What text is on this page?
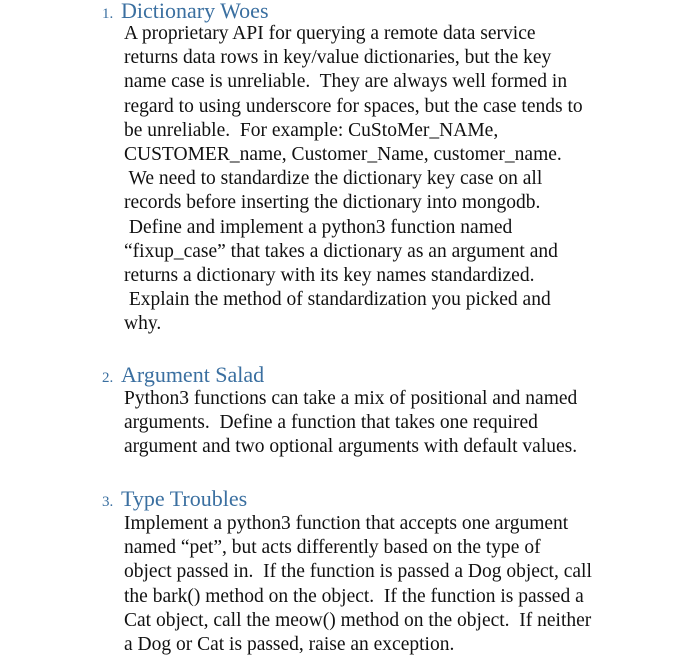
1. Dictionary Woes
A proprietary API for querying a remote data service
returns data rows in key/value dictionaries, but the key
name case is unreliable.  They are always well formed in
regard to using underscore for spaces, but the case tends to
be unreliable.  For example: CuStoMer_NAMe,
CUSTOMER_name, Customer_Name, customer_name.
We need to standardize the dictionary key case on all
records before inserting the dictionary into mongodb.
Define and implement a python3 function named
“fixup_case” that takes a dictionary as an argument and
returns a dictionary with its key names standardized.
Explain the method of standardization you picked and
why.
2. Argument Salad
Python3 functions can take a mix of positional and named
arguments.  Define a function that takes one required
argument and two optional arguments with default values.
3. Type Troubles
Implement a python3 function that accepts one argument
named “pet”, but acts differently based on the type of
object passed in.  If the function is passed a Dog object, call
the bark() method on the object.  If the function is passed a
Cat object, call the meow() method on the object.  If neither
a Dog or Cat is passed, raise an exception.
